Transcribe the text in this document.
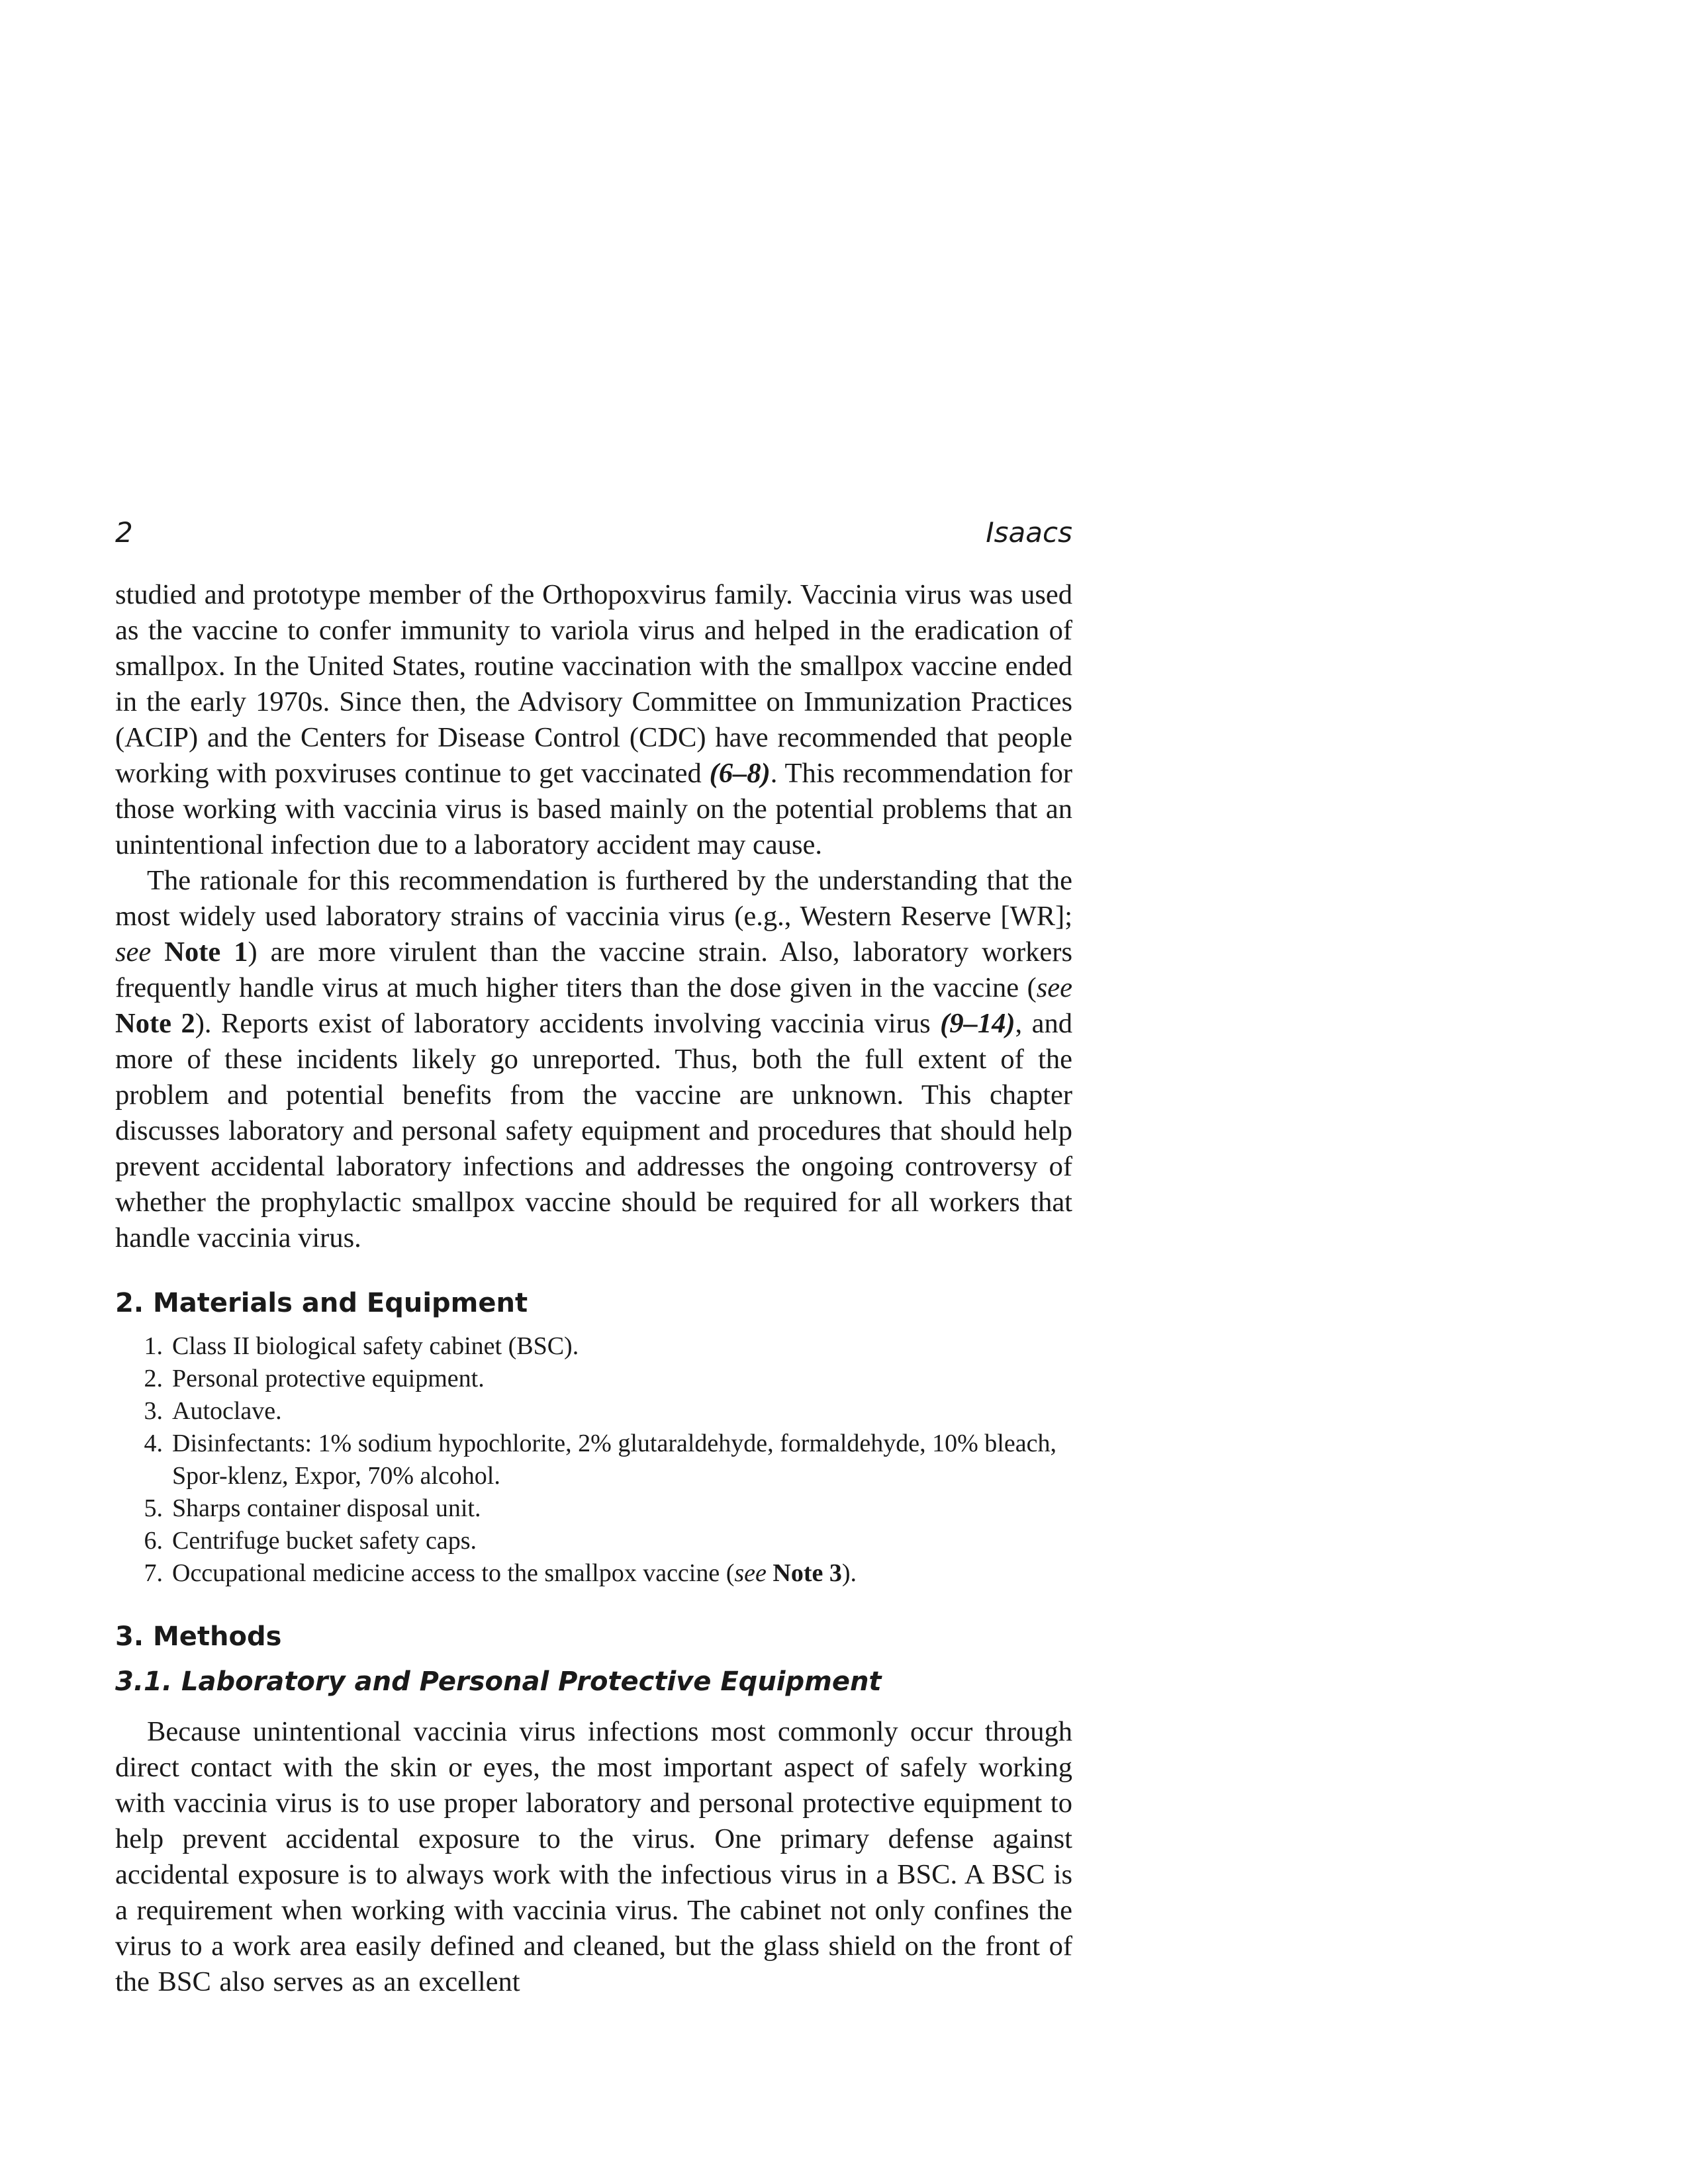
2	Isaacs

studied and prototype member of the Orthopoxvirus family. Vaccinia virus was used as the vaccine to confer immunity to variola virus and helped in the eradication of smallpox. In the United States, routine vaccination with the smallpox vaccine ended in the early 1970s. Since then, the Advisory Committee on Immunization Practices (ACIP) and the Centers for Disease Control (CDC) have recommended that people working with poxviruses continue to get vaccinated (6–8). This recommendation for those working with vaccinia virus is based mainly on the potential problems that an unintentional infection due to a laboratory accident may cause.

The rationale for this recommendation is furthered by the understanding that the most widely used laboratory strains of vaccinia virus (e.g., Western Reserve [WR]; see Note 1) are more virulent than the vaccine strain. Also, laboratory workers frequently handle virus at much higher titers than the dose given in the vaccine (see Note 2). Reports exist of laboratory accidents involving vaccinia virus (9–14), and more of these incidents likely go unreported. Thus, both the full extent of the problem and potential benefits from the vaccine are unknown. This chapter discusses laboratory and personal safety equipment and procedures that should help prevent accidental laboratory infections and addresses the ongoing controversy of whether the prophylactic smallpox vaccine should be required for all workers that handle vaccinia virus.

2. Materials and Equipment
1. Class II biological safety cabinet (BSC).
2. Personal protective equipment.
3. Autoclave.
4. Disinfectants: 1% sodium hypochlorite, 2% glutaraldehyde, formaldehyde, 10% bleach, Spor-klenz, Expor, 70% alcohol.
5. Sharps container disposal unit.
6. Centrifuge bucket safety caps.
7. Occupational medicine access to the smallpox vaccine (see Note 3).
3. Methods
3.1. Laboratory and Personal Protective Equipment

Because unintentional vaccinia virus infections most commonly occur through direct contact with the skin or eyes, the most important aspect of safely working with vaccinia virus is to use proper laboratory and personal protective equipment to help prevent accidental exposure to the virus. One primary defense against accidental exposure is to always work with the infectious virus in a BSC. A BSC is a requirement when working with vaccinia virus. The cabinet not only confines the virus to a work area easily defined and cleaned, but the glass shield on the front of the BSC also serves as an excellent
